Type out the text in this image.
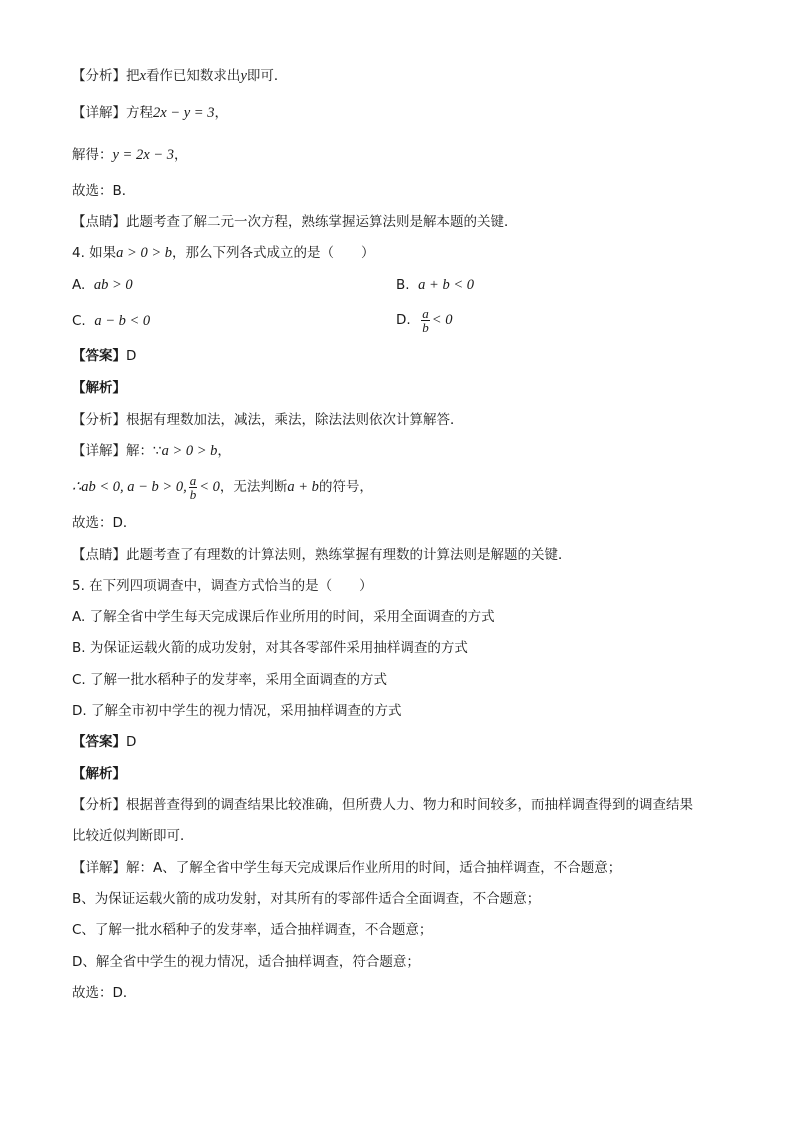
【分析】把x看作已知数求出y即可．
【详解】方程2x − y = 3，
解得：y = 2x − 3，
故选：B．
【点睛】此题考查了解二元一次方程，熟练掌握运算法则是解本题的关键．
4. 如果a > 0 > b，那么下列各式成立的是（　　）
A. ab > 0	B. a + b < 0
C. a − b < 0	D. $\frac{a}{b} < 0$
【答案】D
【解析】
【分析】根据有理数加法，减法，乘法，除法法则依次计算解答．
【详解】解：∵a > 0 > b，
∴ab < 0, a − b > 0, $\frac{a}{b} < 0$，无法判断a + b的符号，
故选：D．
【点睛】此题考查了有理数的计算法则，熟练掌握有理数的计算法则是解题的关键．
5. 在下列四项调查中，调查方式恰当的是（　　）
A. 了解全省中学生每天完成课后作业所用的时间，采用全面调查的方式
B. 为保证运载火箭的成功发射，对其各零部件采用抽样调查的方式
C. 了解一批水稻种子的发芽率，采用全面调查的方式
D. 了解全市初中学生的视力情况，采用抽样调查的方式
【答案】D
【解析】
【分析】根据普查得到的调查结果比较准确，但所费人力、物力和时间较多，而抽样调查得到的调查结果
比较近似判断即可．
【详解】解：A、了解全省中学生每天完成课后作业所用的时间，适合抽样调查，不合题意；
B、为保证运载火箭的成功发射，对其所有的零部件适合全面调查，不合题意；
C、了解一批水稻种子的发芽率，适合抽样调查，不合题意；
D、解全省中学生的视力情况，适合抽样调查，符合题意；
故选：D．
